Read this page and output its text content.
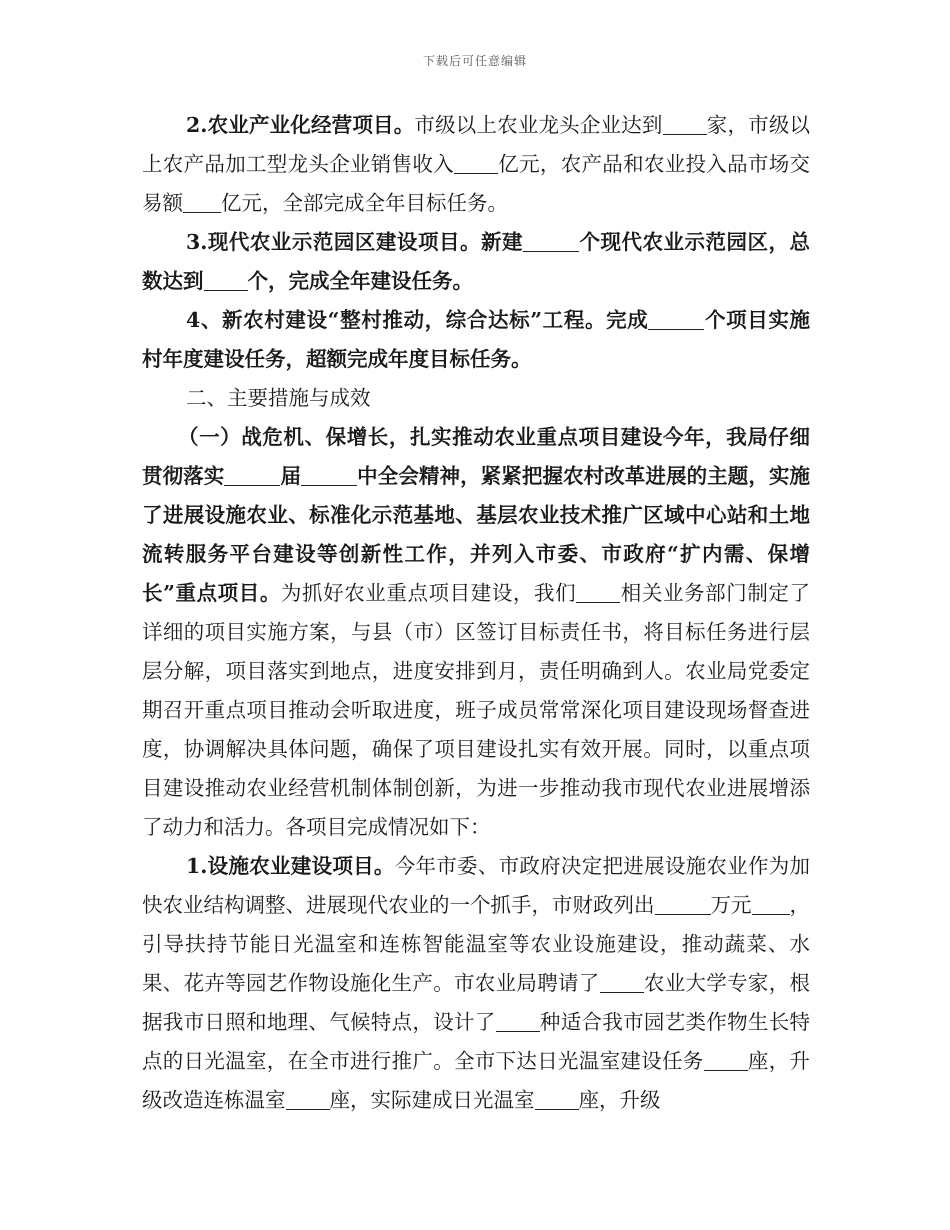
下载后可任意编辑

2.农业产业化经营项目。市级以上农业龙头企业达到 家，市级以上农产品加工型龙头企业销售收入 亿元，农产品和农业投入品市场交易额 亿元，全部完成全年目标任务。

3.现代农业示范园区建设项目。新建	个现代农业示范园区，总数达到 个，完成全年建设任务。

4、新农村建设“整村推动，综合达标”工程。完成	个项目实施村年度建设任务，超额完成年度目标任务。

二、主要措施与成效

（一）战危机、保增长，扎实推动农业重点项目建设今年，我局仔细贯彻落实	届	中全会精神，紧紧把握农村改革进展的主题，实施了进展设施农业、标准化示范基地、基层农业技术推广区域中心站和土地流转服务平台建设等创新性工作，并列入市委、市政府“扩内需、保增长”重点项目。为抓好农业重点项目建设，我们 相关业务部门制定了详细的项目实施方案，与县（市）区签订目标责任书，将目标任务进行层层分解，项目落实到地点，进度安排到月，责任明确到人。农业局党委定期召开重点项目推动会听取进度，班子成员常常深化项目建设现场督查进度，协调解决具体问题，确保了项目建设扎实有效开展。同时，以重点项目建设推动农业经营机制体制创新，为进一步推动我市现代农业进展增添了动力和活力。各项目完成情况如下：

1.设施农业建设项目。今年市委、市政府决定把进展设施农业作为加快农业结构调整、进展现代农业的一个抓手，市财政列出	万元 ，引导扶持节能日光温室和连栋智能温室等农业设施建设，推动蔬菜、水果、花卉等园艺作物设施化生产。市农业局聘请了 农业大学专家，根据我市日照和地理、气候特点，设计了 种适合我市园艺类作物生长特点的日光温室，在全市进行推广。全市下达日光温室建设任务 座，升级改造连栋温室 座，实际建成日光温室 座，升级
